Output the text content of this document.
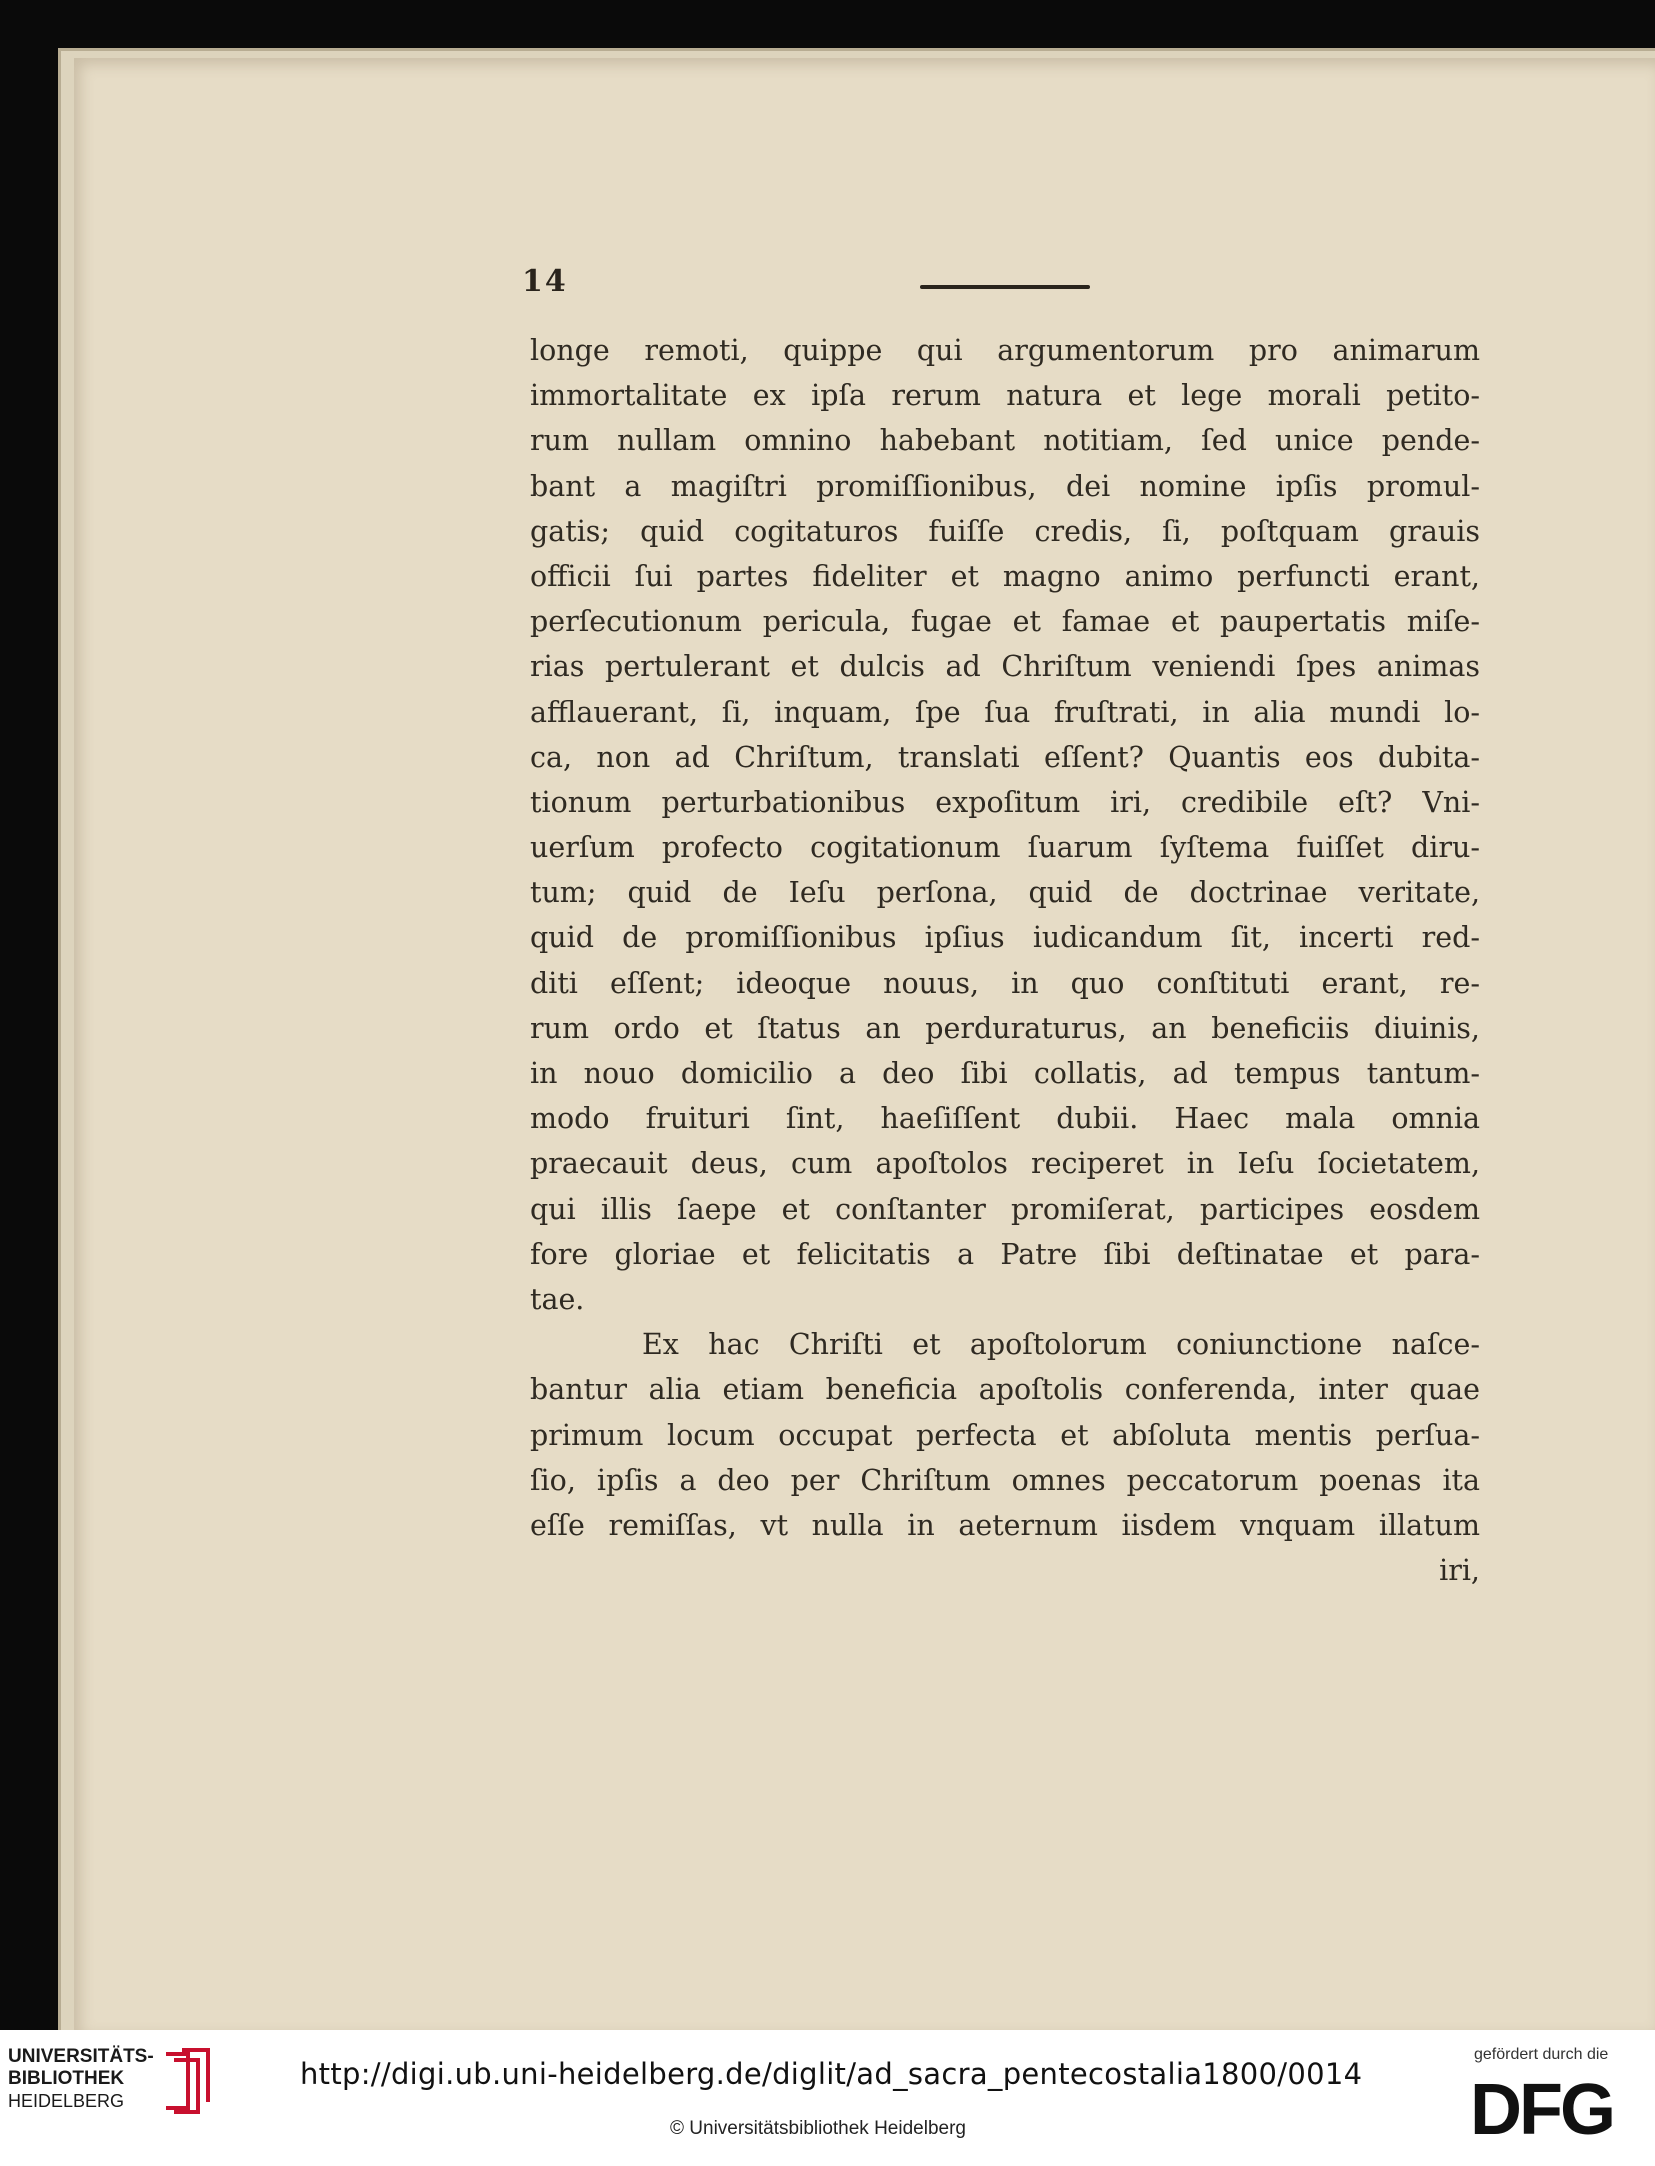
14
longe remoti, quippe qui argumentorum pro animarum
immortalitate ex ipſa rerum natura et lege morali petito-
rum nullam omnino habebant notitiam, ſed unice pende-
bant a magiſtri promiſſionibus, dei nomine ipſis promul-
gatis; quid cogitaturos fuiſſe credis, ſi, poſtquam grauis
officii ſui partes fideliter et magno animo perfuncti erant,
perſecutionum pericula, fugae et famae et paupertatis miſe-
rias pertulerant et dulcis ad Chriſtum veniendi ſpes animas
afflauerant, ſi, inquam, ſpe ſua fruſtrati, in alia mundi lo-
ca, non ad Chriſtum, translati eſſent? Quantis eos dubita-
tionum perturbationibus expoſitum iri, credibile eſt? Vni-
uerſum profecto cogitationum ſuarum ſyſtema fuiſſet diru-
tum; quid de Ieſu perſona, quid de doctrinae veritate,
quid de promiſſionibus ipſius iudicandum ſit, incerti red-
diti eſſent; ideoque nouus, in quo conſtituti erant, re-
rum ordo et ſtatus an perduraturus, an beneficiis diuinis,
in nouo domicilio a deo ſibi collatis, ad tempus tantum-
modo fruituri ſint, haeſiſſent dubii. Haec mala omnia
praecauit deus, cum apoſtolos reciperet in Ieſu ſocietatem,
qui illis ſaepe et conſtanter promiſerat, participes eosdem
fore gloriae et felicitatis a Patre ſibi deſtinatae et para-
tae.
Ex hac Chriſti et apoſtolorum coniunctione naſce-
bantur alia etiam beneficia apoſtolis conferenda, inter quae
primum locum occupat perfecta et abſoluta mentis perſua-
ſio, ipſis a deo per Chriſtum omnes peccatorum poenas ita
eſſe remiſſas, vt nulla in aeternum iisdem vnquam illatum
iri,
UNIVERSITÄTS-
BIBLIOTHEK
HEIDELBERG
http://digi.ub.uni-heidelberg.de/diglit/ad_sacra_pentecostalia1800/0014
© Universitätsbibliothek Heidelberg
gefördert durch die
DFG
